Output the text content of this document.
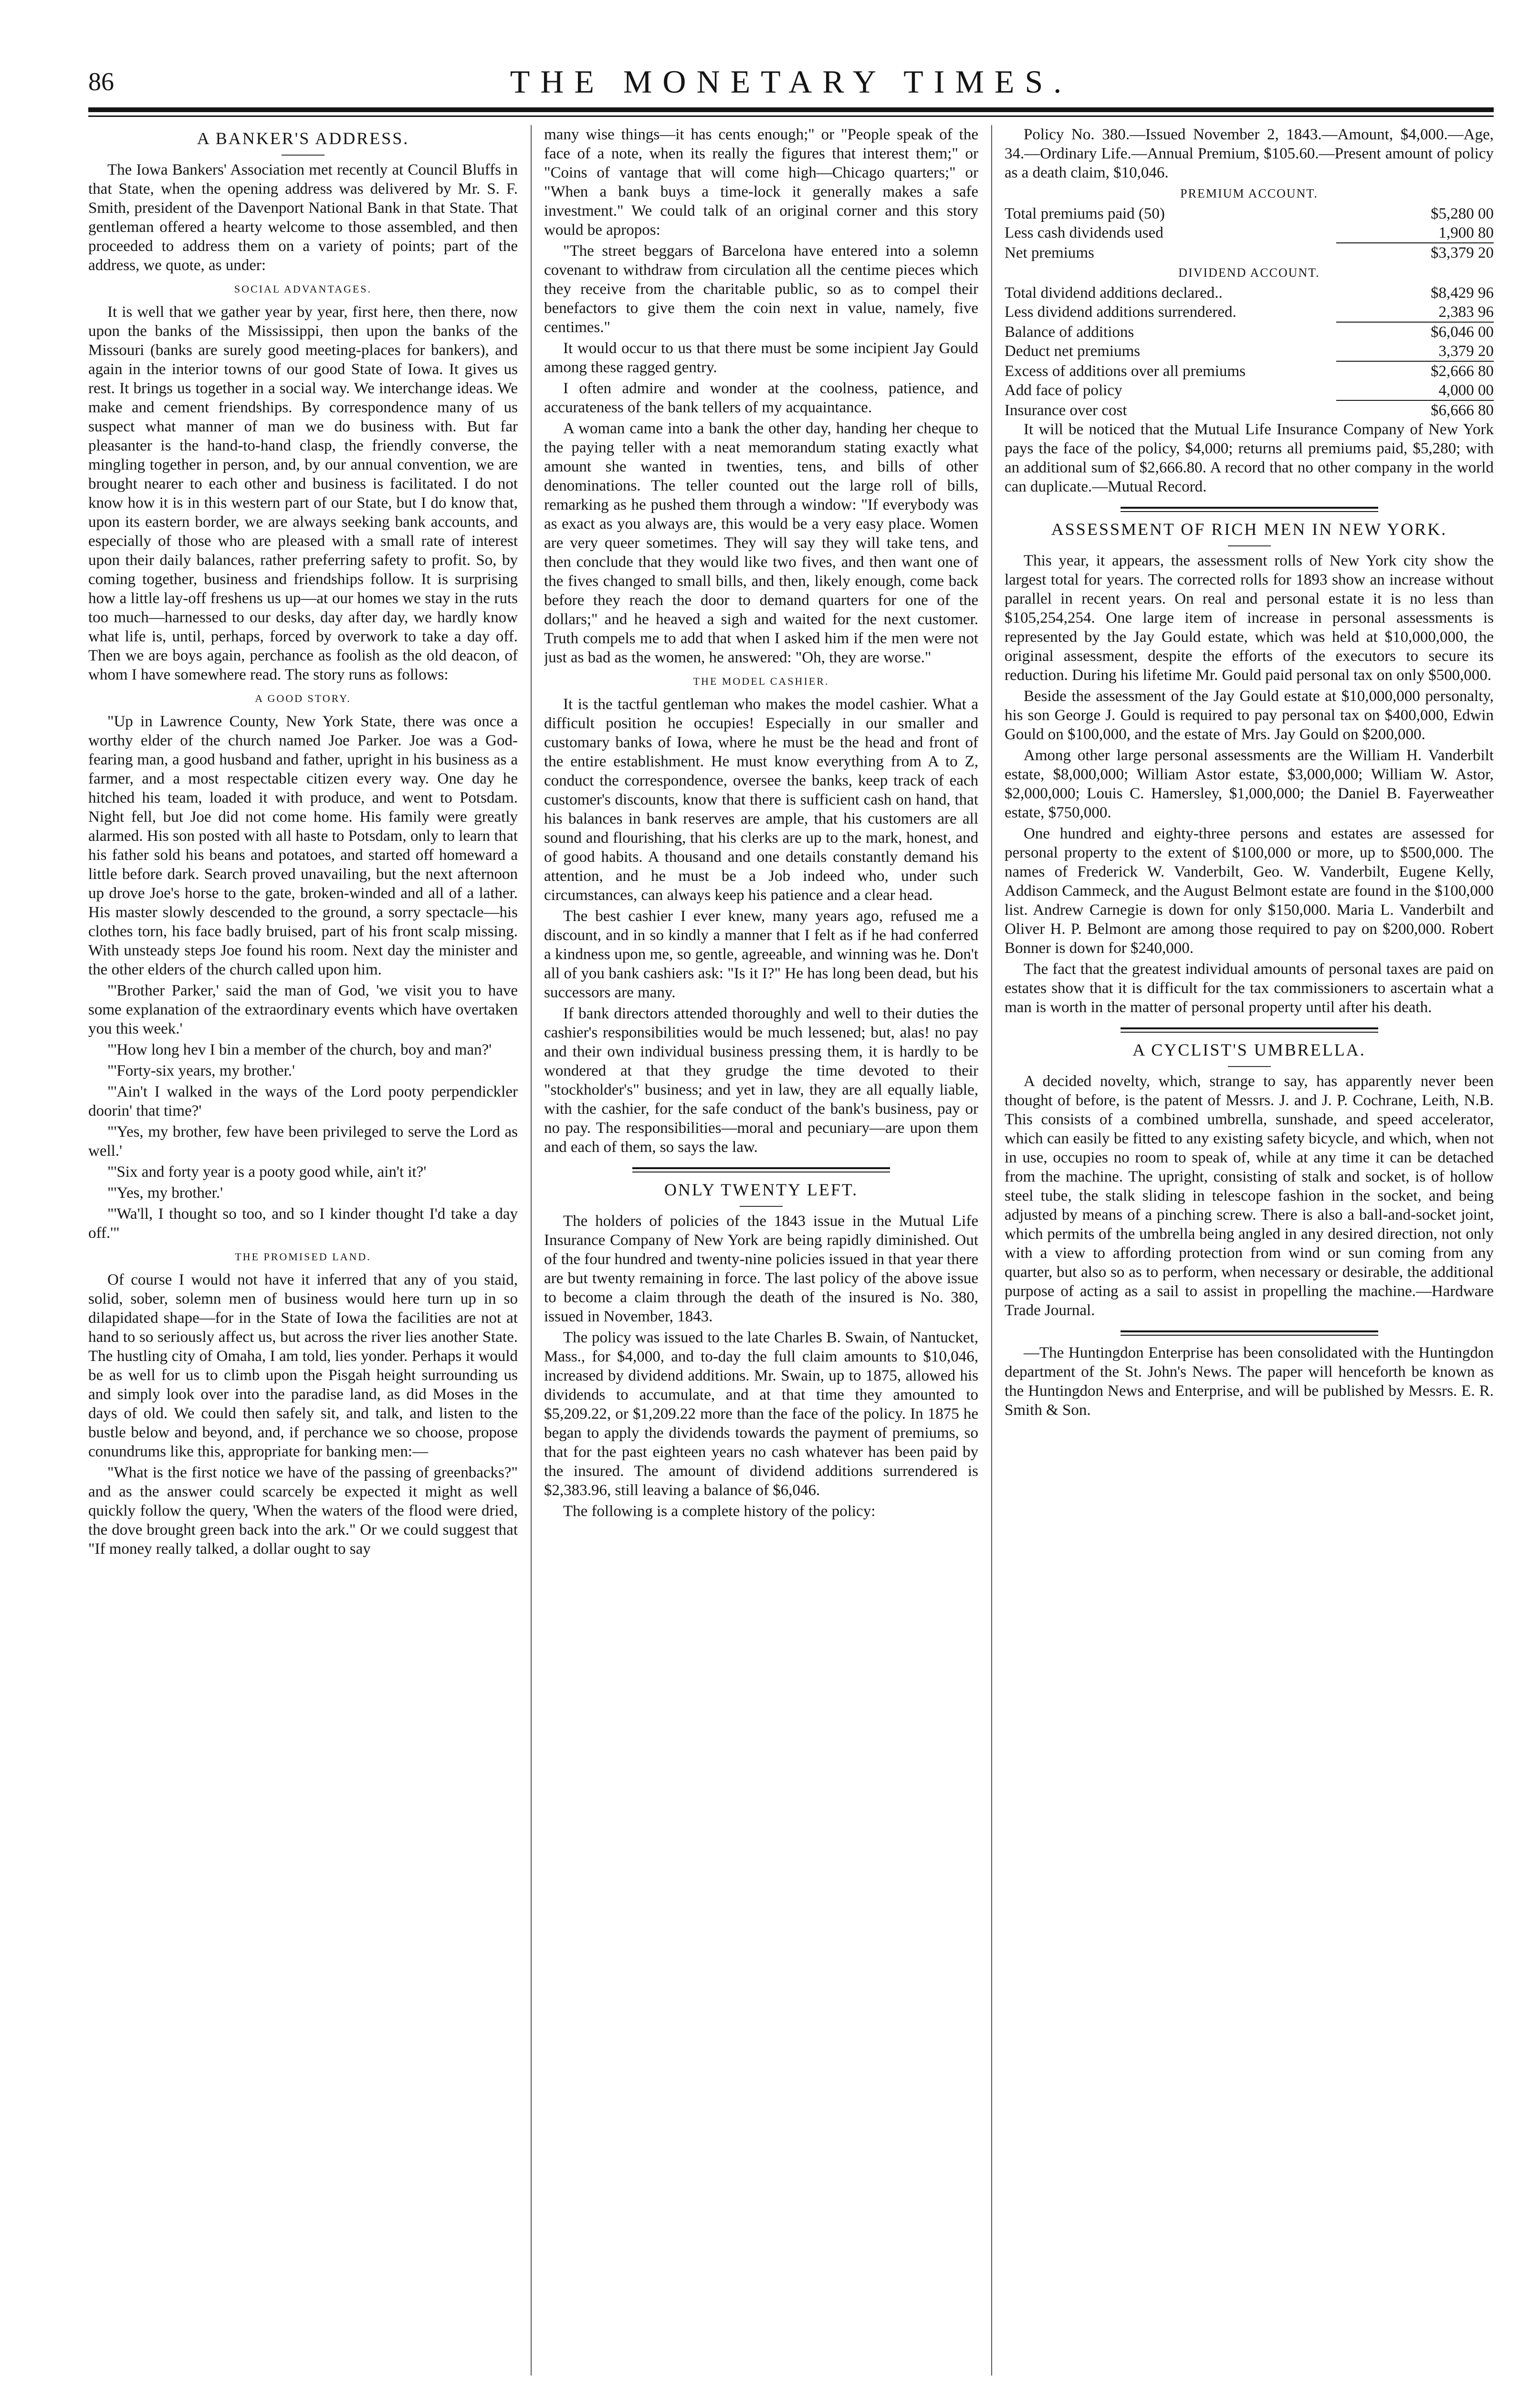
86	THE MONETARY TIMES.
A BANKER'S ADDRESS.

The Iowa Bankers' Association met recently at Council Bluffs in that State, when the opening address was delivered by Mr. S. F. Smith, president of the Davenport National Bank in that State. That gentleman offered a hearty welcome to those assembled, and then proceeded to address them on a variety of points; part of the address, we quote, as under:

SOCIAL ADVANTAGES.

It is well that we gather year by year, first here, then there, now upon the banks of the Mississippi, then upon the banks of the Missouri (banks are surely good meeting-places for bankers), and again in the interior towns of our good State of Iowa. It gives us rest. It brings us together in a social way. We interchange ideas. We make and cement friendships. By correspondence many of us suspect what manner of man we do business with. But far pleasanter is the hand-to-hand clasp, the friendly converse, the mingling together in person, and, by our annual convention, we are brought nearer to each other and business is facilitated. I do not know how it is in this western part of our State, but I do know that, upon its eastern border, we are always seeking bank accounts, and especially of those who are pleased with a small rate of interest upon their daily balances, rather preferring safety to profit. So, by coming together, business and friendships follow. It is surprising how a little lay-off freshens us up—at our homes we stay in the ruts too much—harnessed to our desks, day after day, we hardly know what life is, until, perhaps, forced by overwork to take a day off. Then we are boys again, perchance as foolish as the old deacon, of whom I have somewhere read. The story runs as follows:

A GOOD STORY.

"Up in Lawrence County, New York State, there was once a worthy elder of the church named Joe Parker. Joe was a God-fearing man, a good husband and father, upright in his business as a farmer, and a most respectable citizen every way. One day he hitched his team, loaded it with produce, and went to Potsdam. Night fell, but Joe did not come home. His family were greatly alarmed. His son posted with all haste to Potsdam, only to learn that his father sold his beans and potatoes, and started off homeward a little before dark. Search proved unavailing, but the next afternoon up drove Joe's horse to the gate, broken-winded and all of a lather. His master slowly descended to the ground, a sorry spectacle—his clothes torn, his face badly bruised, part of his front scalp missing. With unsteady steps Joe found his room. Next day the minister and the other elders of the church called upon him.

"'Brother Parker,' said the man of God, 'we visit you to have some explanation of the extraordinary events which have overtaken you this week.'

"'How long hev I bin a member of the church, boy and man?'

"'Forty-six years, my brother.'

"'Ain't I walked in the ways of the Lord pooty perpendickler doorin' that time?'

"'Yes, my brother, few have been privileged to serve the Lord as well.'

"'Six and forty year is a pooty good while, ain't it?'

"'Yes, my brother.'

"'Wa'll, I thought so too, and so I kinder thought I'd take a day off.'"

THE PROMISED LAND.

Of course I would not have it inferred that any of you staid, solid, sober, solemn men of business would here turn up in so dilapidated shape—for in the State of Iowa the facilities are not at hand to so seriously affect us, but across the river lies another State. The hustling city of Omaha, I am told, lies yonder. Perhaps it would be as well for us to climb upon the Pisgah height surrounding us and simply look over into the paradise land, as did Moses in the days of old. We could then safely sit, and talk, and listen to the bustle below and beyond, and, if perchance we so choose, propose conundrums like this, appropriate for banking men:—

"What is the first notice we have of the passing of greenbacks?" and as the answer could scarcely be expected it might as well quickly follow the query, 'When the waters of the flood were dried, the dove brought green back into the ark." Or we could suggest that "If money really talked, a dollar ought to say

many wise things—it has cents enough;" or "People speak of the face of a note, when its really the figures that interest them;" or "Coins of vantage that will come high—Chicago quarters;" or "When a bank buys a time-lock it generally makes a safe investment." We could talk of an original corner and this story would be apropos:

"The street beggars of Barcelona have entered into a solemn covenant to withdraw from circulation all the centime pieces which they receive from the charitable public, so as to compel their benefactors to give them the coin next in value, namely, five centimes."

It would occur to us that there must be some incipient Jay Gould among these ragged gentry.

I often admire and wonder at the coolness, patience, and accurateness of the bank tellers of my acquaintance.

A woman came into a bank the other day, handing her cheque to the paying teller with a neat memorandum stating exactly what amount she wanted in twenties, tens, and bills of other denominations. The teller counted out the large roll of bills, remarking as he pushed them through a window: "If everybody was as exact as you always are, this would be a very easy place. Women are very queer sometimes. They will say they will take tens, and then conclude that they would like two fives, and then want one of the fives changed to small bills, and then, likely enough, come back before they reach the door to demand quarters for one of the dollars;" and he heaved a sigh and waited for the next customer. Truth compels me to add that when I asked him if the men were not just as bad as the women, he answered: "Oh, they are worse."

THE MODEL CASHIER.

It is the tactful gentleman who makes the model cashier. What a difficult position he occupies! Especially in our smaller and customary banks of Iowa, where he must be the head and front of the entire establishment. He must know everything from A to Z, conduct the correspondence, oversee the banks, keep track of each customer's discounts, know that there is sufficient cash on hand, that his balances in bank reserves are ample, that his customers are all sound and flourishing, that his clerks are up to the mark, honest, and of good habits. A thousand and one details constantly demand his attention, and he must be a Job indeed who, under such circumstances, can always keep his patience and a clear head.

The best cashier I ever knew, many years ago, refused me a discount, and in so kindly a manner that I felt as if he had conferred a kindness upon me, so gentle, agreeable, and winning was he. Don't all of you bank cashiers ask: "Is it I?" He has long been dead, but his successors are many.

If bank directors attended thoroughly and well to their duties the cashier's responsibilities would be much lessened; but, alas! no pay and their own individual business pressing them, it is hardly to be wondered at that they grudge the time devoted to their "stockholder's" business; and yet in law, they are all equally liable, with the cashier, for the safe conduct of the bank's business, pay or no pay. The responsibilities—moral and pecuniary—are upon them and each of them, so says the law.

ONLY TWENTY LEFT.

The holders of policies of the 1843 issue in the Mutual Life Insurance Company of New York are being rapidly diminished. Out of the four hundred and twenty-nine policies issued in that year there are but twenty remaining in force. The last policy of the above issue to become a claim through the death of the insured is No. 380, issued in November, 1843.

The policy was issued to the late Charles B. Swain, of Nantucket, Mass., for $4,000, and to-day the full claim amounts to $10,046, increased by dividend additions. Mr. Swain, up to 1875, allowed his dividends to accumulate, and at that time they amounted to $5,209.22, or $1,209.22 more than the face of the policy. In 1875 he began to apply the dividends towards the payment of premiums, so that for the past eighteen years no cash whatever has been paid by the insured. The amount of dividend additions surrendered is $2,383.96, still leaving a balance of $6,046.

The following is a complete history of the policy:

Policy No. 380.—Issued November 2, 1843.—Amount, $4,000.—Age, 34.—Ordinary Life.—Annual Premium, $105.60.—Present amount of policy as a death claim, $10,046.

PREMIUM ACCOUNT.
Total premiums paid (50)	$5,280 00
Less cash dividends used	1,900 80
Net premiums	$3,379 20
DIVIDEND ACCOUNT.
Total dividend additions declared..	$8,429 96
Less dividend additions surrendered.	2,383 96
Balance of additions	$6,046 00
Deduct net premiums	3,379 20
Excess of additions over all premiums	$2,666 80
Add face of policy	4,000 00
Insurance over cost	$6,666 80

It will be noticed that the Mutual Life Insurance Company of New York pays the face of the policy, $4,000; returns all premiums paid, $5,280; with an additional sum of $2,666.80. A record that no other company in the world can duplicate.—Mutual Record.

ASSESSMENT OF RICH MEN IN NEW YORK.

This year, it appears, the assessment rolls of New York city show the largest total for years. The corrected rolls for 1893 show an increase without parallel in recent years. On real and personal estate it is no less than $105,254,254. One large item of increase in personal assessments is represented by the Jay Gould estate, which was held at $10,000,000, the original assessment, despite the efforts of the executors to secure its reduction. During his lifetime Mr. Gould paid personal tax on only $500,000.

Beside the assessment of the Jay Gould estate at $10,000,000 personalty, his son George J. Gould is required to pay personal tax on $400,000, Edwin Gould on $100,000, and the estate of Mrs. Jay Gould on $200,000.

Among other large personal assessments are the William H. Vanderbilt estate, $8,000,000; William Astor estate, $3,000,000; William W. Astor, $2,000,000; Louis C. Hamersley, $1,000,000; the Daniel B. Fayerweather estate, $750,000.

One hundred and eighty-three persons and estates are assessed for personal property to the extent of $100,000 or more, up to $500,000. The names of Frederick W. Vanderbilt, Geo. W. Vanderbilt, Eugene Kelly, Addison Cammeck, and the August Belmont estate are found in the $100,000 list. Andrew Carnegie is down for only $150,000. Maria L. Vanderbilt and Oliver H. P. Belmont are among those required to pay on $200,000. Robert Bonner is down for $240,000.

The fact that the greatest individual amounts of personal taxes are paid on estates show that it is difficult for the tax commissioners to ascertain what a man is worth in the matter of personal property until after his death.

A CYCLIST'S UMBRELLA.

A decided novelty, which, strange to say, has apparently never been thought of before, is the patent of Messrs. J. and J. P. Cochrane, Leith, N.B. This consists of a combined umbrella, sunshade, and speed accelerator, which can easily be fitted to any existing safety bicycle, and which, when not in use, occupies no room to speak of, while at any time it can be detached from the machine. The upright, consisting of stalk and socket, is of hollow steel tube, the stalk sliding in telescope fashion in the socket, and being adjusted by means of a pinching screw. There is also a ball-and-socket joint, which permits of the umbrella being angled in any desired direction, not only with a view to affording protection from wind or sun coming from any quarter, but also so as to perform, when necessary or desirable, the additional purpose of acting as a sail to assist in propelling the machine.—Hardware Trade Journal.

—The Huntingdon Enterprise has been consolidated with the Huntingdon department of the St. John's News. The paper will henceforth be known as the Huntingdon News and Enterprise, and will be published by Messrs. E. R. Smith & Son.
